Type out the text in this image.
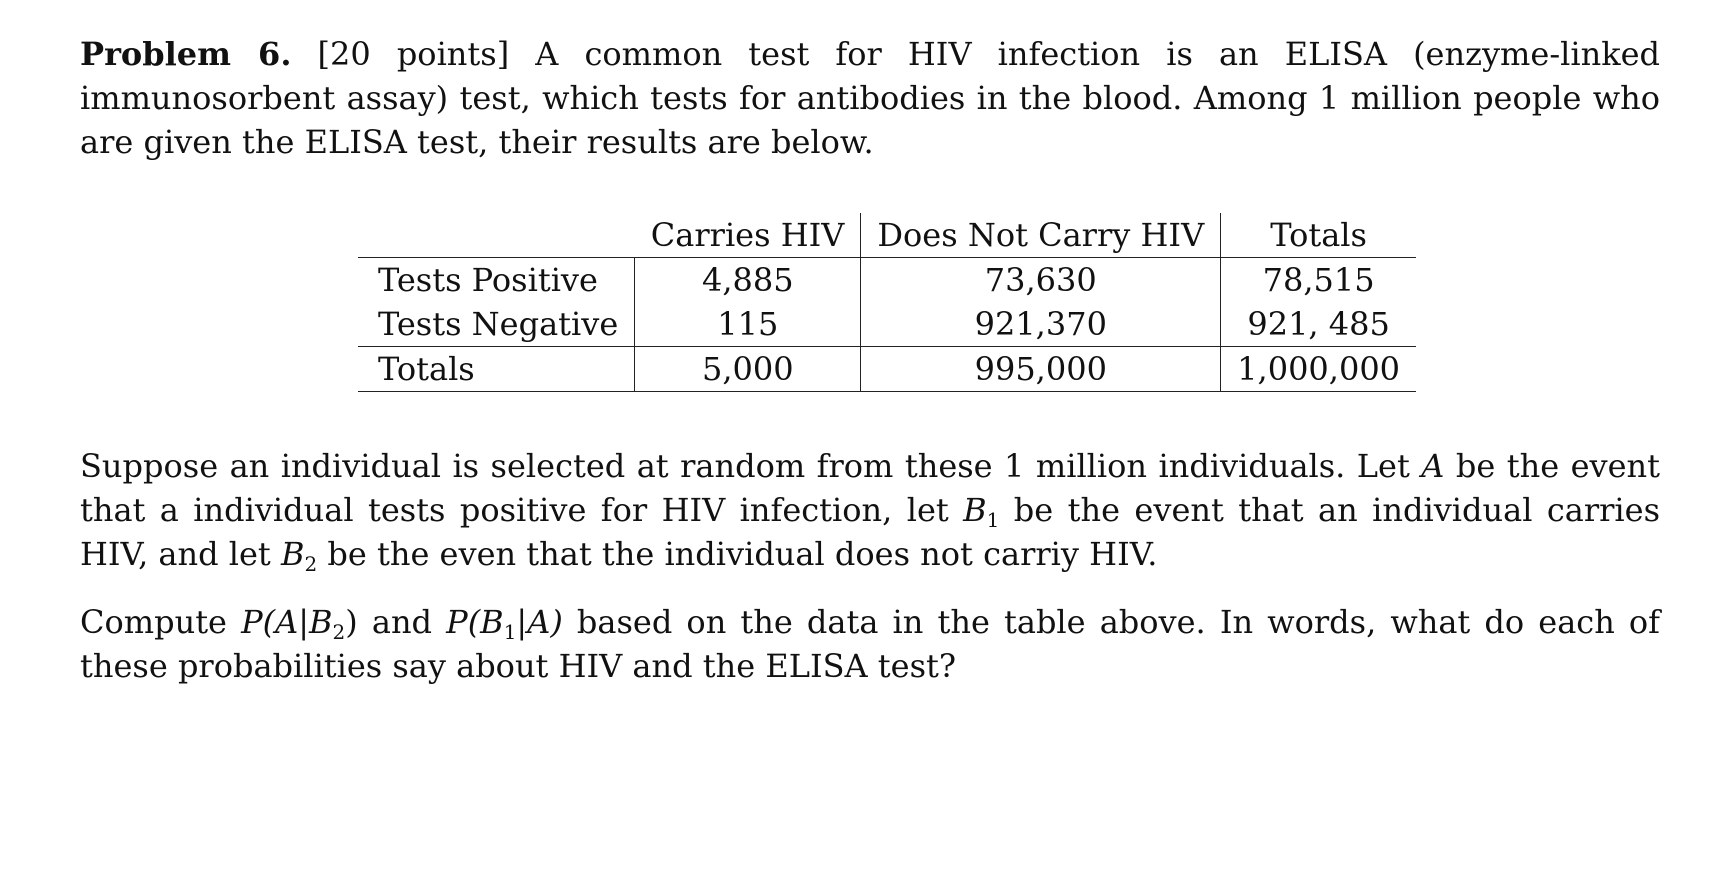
Problem 6. [20 points] A common test for HIV infection is an ELISA (enzyme-linked immunosorbent assay) test, which tests for antibodies in the blood. Among 1 million people who are given the ELISA test, their results are below.

	Carries HIV	Does Not Carry HIV	Totals
Tests Positive	4,885	73,630	78,515
Tests Negative	115	921,370	921, 485
Totals	5,000	995,000	1,000,000

Suppose an individual is selected at random from these 1 million individuals. Let A be the event that a individual tests positive for HIV infection, let $B_1$ be the event that an individual carries HIV, and let $B_2$ be the even that the individual does not carriy HIV.

Compute $P(A|B_2)$ and $P(B_1|A)$ based on the data in the table above. In words, what do each of these probabilities say about HIV and the ELISA test?
